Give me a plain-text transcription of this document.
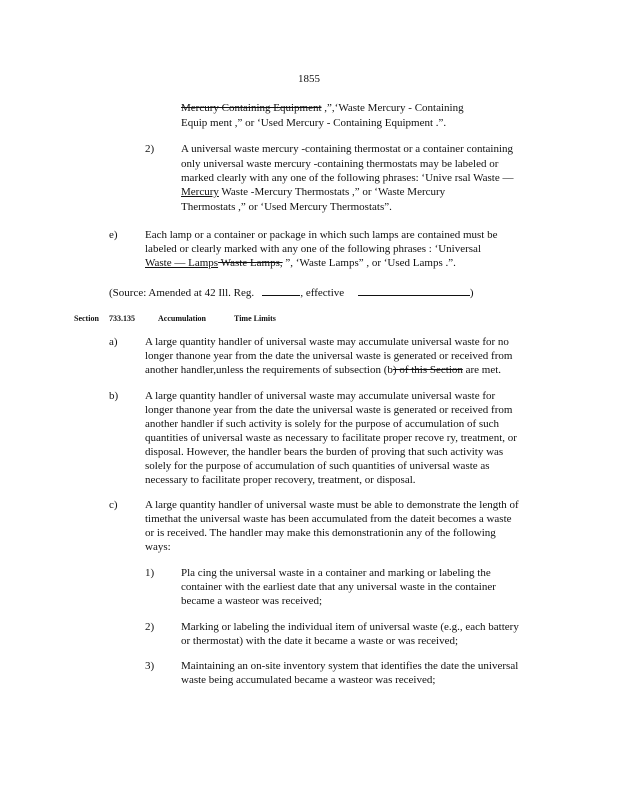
1855
Mercury Containing Equipment ,”,‘Waste Mercury - Containing
Equip ment ,” or ‘Used Mercury - Containing Equipment .”.
2) A universal waste mercury -containing thermostat or a container containing
only universal waste mercury -containing thermostats may be labeled or
marked clearly with any one of the following phrases: ‘Unive rsal Waste —
Mercury Waste -Mercury Thermostats ,” or ‘Waste Mercury
Thermostats ,” or ‘Used Mercury Thermostats”.
e) Each lamp or a container or package in which such lamps are contained must be
labeled or clearly marked with any one of the following phrases : ‘Universal
Waste — Lamps Waste Lamps, ”, ‘Waste Lamps” , or ‘Used Lamps .”.
(Source: Amended at 42 Ill. Reg.	, effective	)
Section 733.135	Accumulation	Time Limits
a) A large quantity handler of universal waste may accumulate universal waste for no
longer thanone year from the date the universal waste is generated or received from
another handler,unless the requirements of subsection (b) of this Section are met.
b) A large quantity handler of universal waste may accumulate universal waste for
longer thanone year from the date the universal waste is generated or received from
another handler if such activity is solely for the purpose of accumulation of such
quantities of universal waste as necessary to facilitate proper recove ry, treatment, or
disposal. However, the handler bears the burden of proving that such activity was
solely for the purpose of accumulation of such quantities of universal waste as
necessary to facilitate proper recovery, treatment, or disposal.
c) A large quantity handler of universal waste must be able to demonstrate the length of
timethat the universal waste has been accumulated from the dateit becomes a waste
or is received. The handler may make this demonstrationin any of the following
ways:
1) Pla cing the universal waste in a container and marking or labeling the
container with the earliest date that any universal waste in the container
became a wasteor was received;
2) Marking or labeling the individual item of universal waste (e.g., each battery
or thermostat) with the date it became a waste or was received;
3) Maintaining an on-site inventory system that identifies the date the universal
waste being accumulated became a wasteor was received;
